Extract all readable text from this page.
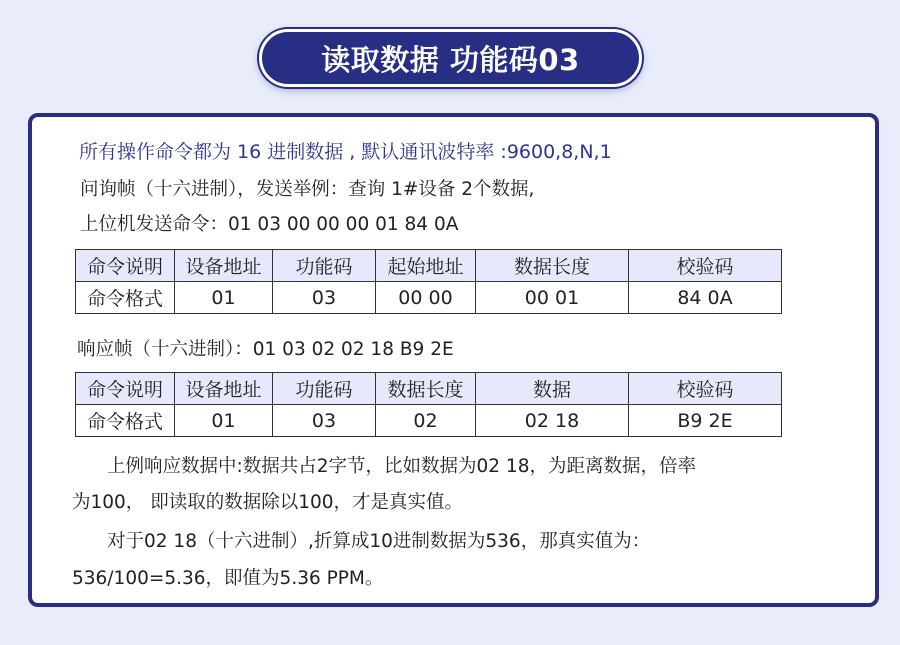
读取数据 功能码03
所有操作命令都为 16 进制数据 , 默认通讯波特率 :9600,8,N,1
问询帧（十六进制），发送举例：查询 1#设备 2个数据,
上位机发送命令：01 03 00 00 00 01 84 0A
命令说明	设备地址	功能码	起始地址	数据长度	校验码
命令格式	01	03	00 00	00 01	84 0A
响应帧（十六进制）：01 03 02 02 18 B9 2E
命令说明	设备地址	功能码	数据长度	数据	校验码
命令格式	01	03	02	02 18	B9 2E
上例响应数据中:数据共占2字节，比如数据为02 18，为距离数据，倍率
为100， 即读取的数据除以100，才是真实值。
对于02 18（十六进制）,折算成10进制数据为536，那真实值为：
536/100=5.36，即值为5.36 PPM。
